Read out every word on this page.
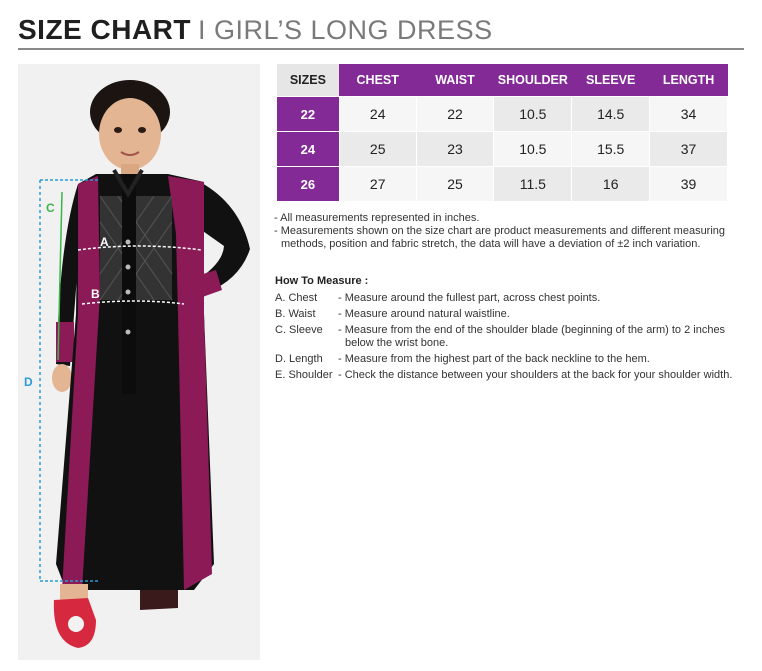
SIZE CHART I GIRL’S LONG DRESS
D
C
A
B
SIZES	CHEST	WAIST	SHOULDER	SLEEVE	LENGTH
22	24	22	10.5	14.5	34
24	25	23	10.5	15.5	37
26	27	25	11.5	16	39

- All measurements represented in inches.

- Measurements shown on the size chart are product measurements and different measuring methods, position and fabric stretch, the data will have a deviation of ±2 inch variation.

How To Measure :
A. Chest	- Measure around the fullest part, across chest points.
B. Waist	- Measure around natural waistline.
C. Sleeve	- Measure from the end of the shoulder blade (beginning of the arm) to 2 inches below the wrist bone.
D. Length	- Measure from the highest part of the back neckline to the hem.
E. Shoulder - Check the distance between your shoulders at the back for your shoulder width.
